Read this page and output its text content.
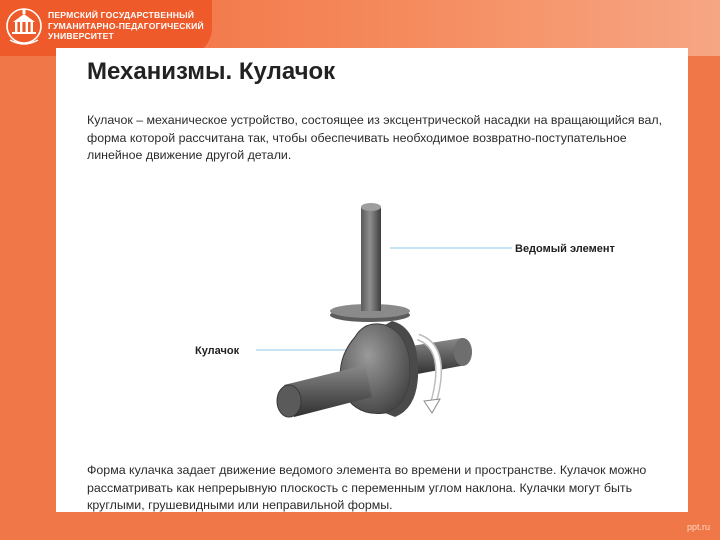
ПЕРМСКИЙ ГОСУДАРСТВЕННЫЙ
ГУМАНИТАРНО-ПЕДАГОГИЧЕСКИЙ
УНИВЕРСИТЕТ
Механизмы. Кулачок

Кулачок – механическое устройство, состоящее из эксцентрической насадки на вращающийся вал, форма которой рассчитана так, чтобы обеспечивать необходимое возвратно-поступательное линейное движение другой детали.

Ведомый элемент
Кулачок

Форма кулачка задает движение ведомого элемента во времени и пространстве. Кулачок можно рассматривать как непрерывную плоскость с переменным углом наклона. Кулачки могут быть круглыми, грушевидными или неправильной формы.

ppt.ru
